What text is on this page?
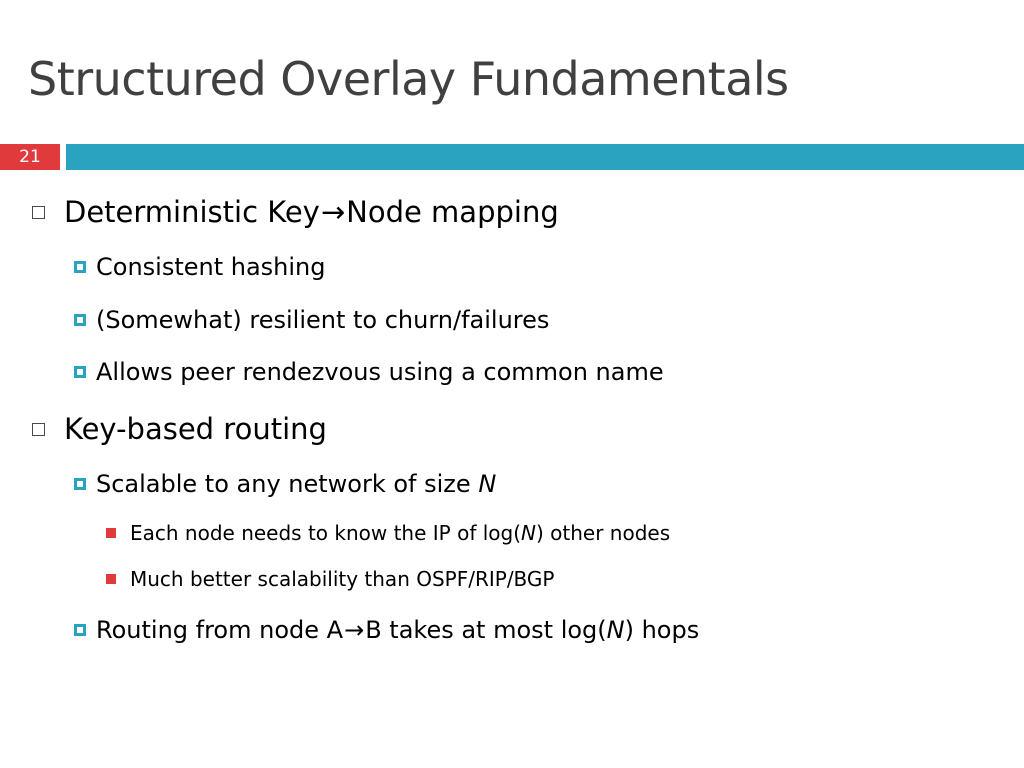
Structured Overlay Fundamentals
21
Deterministic Key → Node mapping
Consistent hashing
(Somewhat) resilient to churn/failures
Allows peer rendezvous using a common name
Key-based routing
Scalable to any network of size N
Each node needs to know the IP of log( N ) other nodes
Much better scalability than OSPF/RIP/BGP
Routing from node A → B takes at most log( N ) hops
